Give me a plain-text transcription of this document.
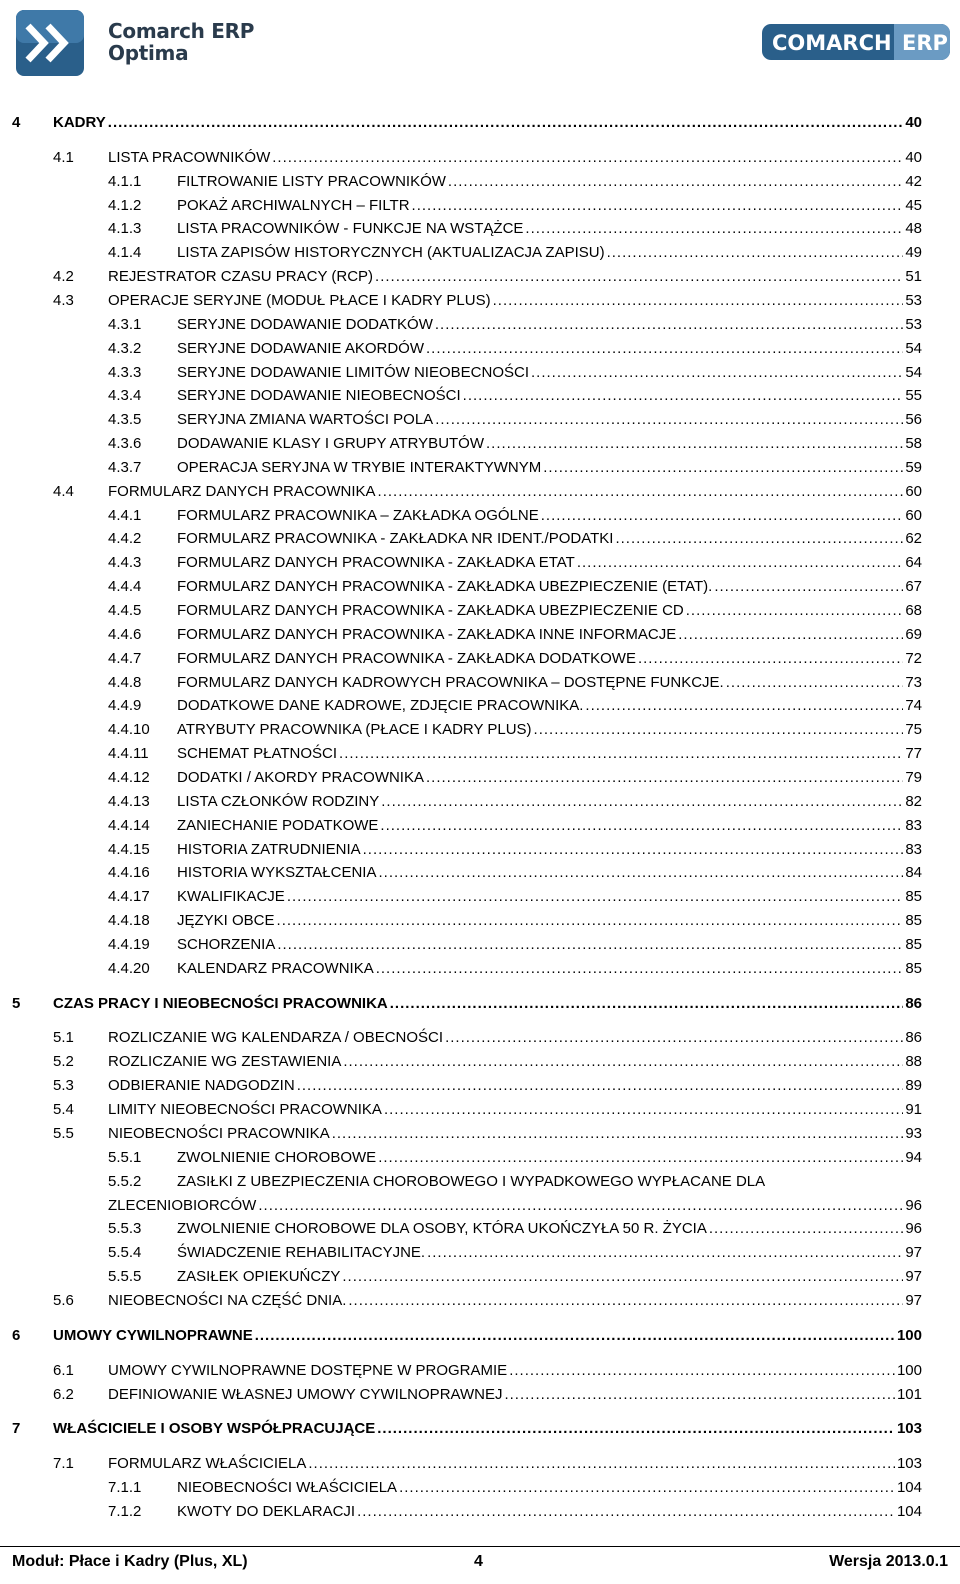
Comarch ERP
Optima	COMARCH ERP
4 KADRY .....	40
4.1 LISTA PRACOWNIKÓW .....	40
4.1.1 FILTROWANIE LISTY PRACOWNIKÓW .....	42
4.1.2 POKAŻ ARCHIWALNYCH – FILTR .....	45
4.1.3 LISTA PRACOWNIKÓW - FUNKCJE NA WSTĄŻCE .....	48
4.1.4 LISTA ZAPISÓW HISTORYCZNYCH (AKTUALIZACJA ZAPISU) .....	49
4.2 REJESTRATOR CZASU PRACY (RCP) .....	51
4.3 OPERACJE SERYJNE (MODUŁ PŁACE I KADRY PLUS) .....	53
4.3.1 SERYJNE DODAWANIE DODATKÓW .....	53
4.3.2 SERYJNE DODAWANIE AKORDÓW .....	54
4.3.3 SERYJNE DODAWANIE LIMITÓW NIEOBECNOŚCI .....	54
4.3.4 SERYJNE DODAWANIE NIEOBECNOŚCI .....	55
4.3.5 SERYJNA ZMIANA WARTOŚCI POLA .....	56
4.3.6 DODAWANIE KLASY I GRUPY ATRYBUTÓW .....	58
4.3.7 OPERACJA SERYJNA W TRYBIE INTERAKTYWNYM .....	59
4.4 FORMULARZ DANYCH PRACOWNIKA .....	60
4.4.1 FORMULARZ PRACOWNIKA – ZAKŁADKA OGÓLNE .....	60
4.4.2 FORMULARZ PRACOWNIKA - ZAKŁADKA NR IDENT./PODATKI .....	62
4.4.3 FORMULARZ DANYCH PRACOWNIKA - ZAKŁADKA ETAT .....	64
4.4.4 FORMULARZ DANYCH PRACOWNIKA - ZAKŁADKA UBEZPIECZENIE (ETAT). .....	67
4.4.5 FORMULARZ DANYCH PRACOWNIKA - ZAKŁADKA UBEZPIECZENIE CD .....	68
4.4.6 FORMULARZ DANYCH PRACOWNIKA - ZAKŁADKA INNE INFORMACJE .....	69
4.4.7 FORMULARZ DANYCH PRACOWNIKA - ZAKŁADKA DODATKOWE .....	72
4.4.8 FORMULARZ DANYCH KADROWYCH PRACOWNIKA – DOSTĘPNE FUNKCJE. .....	73
4.4.9 DODATKOWE DANE KADROWE, ZDJĘCIE PRACOWNIKA. .....	74
4.4.10 ATRYBUTY PRACOWNIKA (PŁACE I KADRY PLUS) .....	75
4.4.11 SCHEMAT PŁATNOŚCI .....	77
4.4.12 DODATKI / AKORDY PRACOWNIKA .....	79
4.4.13 LISTA CZŁONKÓW RODZINY .....	82
4.4.14 ZANIECHANIE PODATKOWE .....	83
4.4.15 HISTORIA ZATRUDNIENIA .....	83
4.4.16 HISTORIA WYKSZTAŁCENIA .....	84
4.4.17 KWALIFIKACJE .....	85
4.4.18 JĘZYKI OBCE .....	85
4.4.19 SCHORZENIA .....	85
4.4.20 KALENDARZ PRACOWNIKA .....	85
5 CZAS PRACY I NIEOBECNOŚCI PRACOWNIKA .....	86
5.1 ROZLICZANIE WG KALENDARZA / OBECNOŚCI .....	86
5.2 ROZLICZANIE WG ZESTAWIENIA .....	88
5.3 ODBIERANIE NADGODZIN .....	89
5.4 LIMITY NIEOBECNOŚCI PRACOWNIKA .....	91
5.5 NIEOBECNOŚCI PRACOWNIKA .....	93
5.5.1 ZWOLNIENIE CHOROBOWE .....	94
5.5.2 ZASIŁKI Z UBEZPIECZENIA CHOROBOWEGO I WYPADKOWEGO WYPŁACANE DLA
ZLECENIOBIORCÓW .....	96
5.5.3 ZWOLNIENIE CHOROBOWE DLA OSOBY, KTÓRA UKOŃCZYŁA 50 R. ŻYCIA .....	96
5.5.4 ŚWIADCZENIE REHABILITACYJNE. .....	97
5.5.5 ZASIŁEK OPIEKUŃCZY .....	97
5.6 NIEOBECNOŚCI NA CZĘŚĆ DNIA. .....	97
6 UMOWY CYWILNOPRAWNE .....	100
6.1 UMOWY CYWILNOPRAWNE DOSTĘPNE W PROGRAMIE .....	100
6.2 DEFINIOWANIE WŁASNEJ UMOWY CYWILNOPRAWNEJ .....	101
7 WŁAŚCICIELE I OSOBY WSPÓŁPRACUJĄCE .....	103
7.1 FORMULARZ WŁAŚCICIELA .....	103
7.1.1 NIEOBECNOŚCI WŁAŚCICIELA .....	104
7.1.2 KWOTY DO DEKLARACJI .....	104
Moduł: Płace i Kadry (Plus, XL)	4	Wersja 2013.0.1
